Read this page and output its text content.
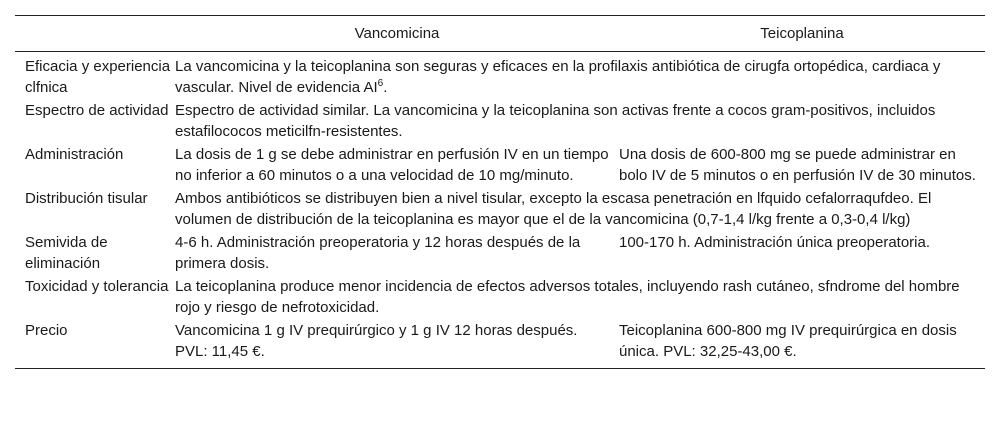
	Vancomicina	Teicoplanina
Eficacia y experiencia clfnica	La vancomicina y la teicoplanina son seguras y eficaces en la profilaxis antibiótica de cirugfa ortopédica, cardiaca y vascular. Nivel de evidencia $AI^6$.	
Espectro de actividad	Espectro de actividad similar. La vancomicina y la teicoplanina son activas frente a cocos gram-positivos, incluidos estafilococos meticilfn-resistentes.	
Administración	La dosis de 1 g se debe administrar en perfusión IV en un tiempo no inferior a 60 minutos o a una velocidad de 10 mg/minuto.	Una dosis de 600-800 mg se puede administrar en bolo IV de 5 minutos o en perfusión IV de 30 minutos.
Distribución tisular	Ambos antibióticos se distribuyen bien a nivel tisular, excepto la escasa penetración en lfquido cefalorraqufdeo. El volumen de distribución de la teicoplanina es mayor que el de la vancomicina (0,7-1,4 l/kg frente a 0,3-0,4 l/kg)	
Semivida de eliminación	4-6 h. Administración preoperatoria y 12 horas después de la primera dosis.	100-170 h. Administración única preoperatoria.
Toxicidad y tolerancia	La teicoplanina produce menor incidencia de efectos adversos totales, incluyendo rash cutáneo, sfndrome del hombre rojo y riesgo de nefrotoxicidad.	
Precio	Vancomicina 1 g IV prequirúrgico y 1 g IV 12 horas después. PVL: 11,45 €.	Teicoplanina 600-800 mg IV prequirúrgica en dosis única. PVL: 32,25-43,00 €.
